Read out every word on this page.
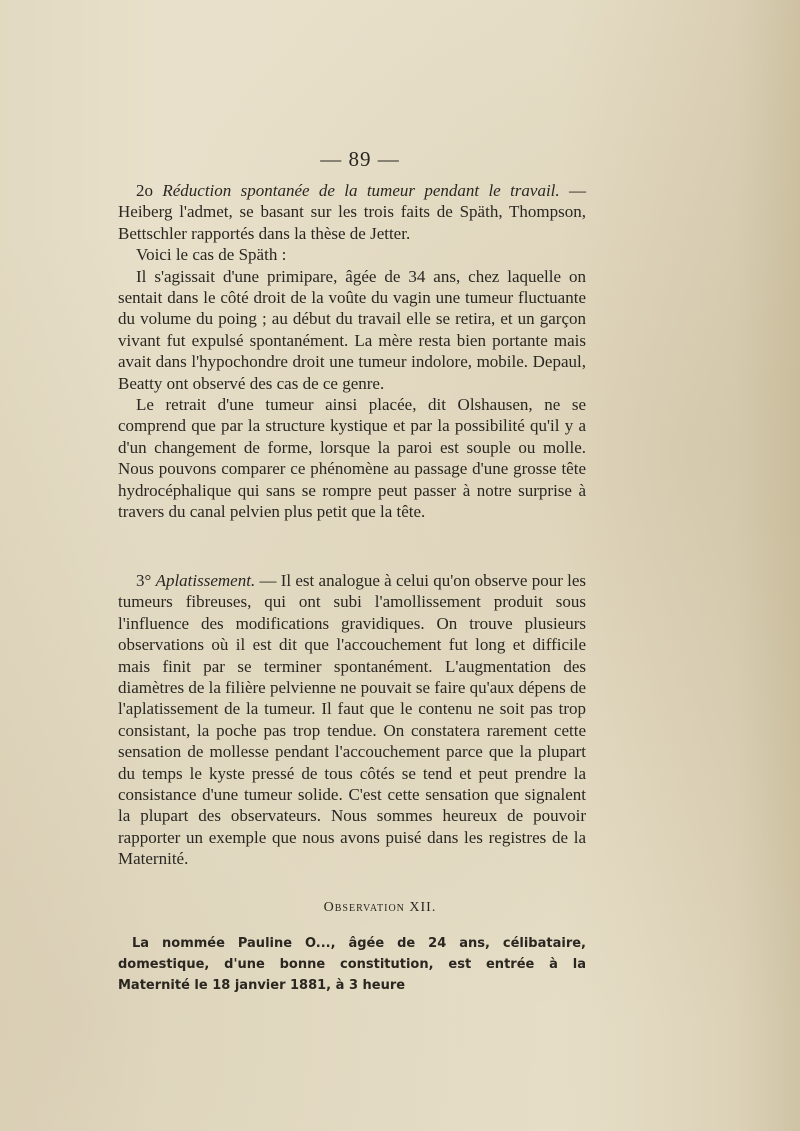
— 89 —

2o Réduction spontanée de la tumeur pendant le travail. — Heiberg l'admet, se basant sur les trois faits de Späth, Thompson, Bettschler rapportés dans la thèse de Jetter.

Voici le cas de Späth :

Il s'agissait d'une primipare, âgée de 34 ans, chez laquelle on sentait dans le côté droit de la voûte du vagin une tumeur fluctuante du volume du poing ; au début du travail elle se retira, et un garçon vivant fut expulsé spontanément. La mère resta bien portante mais avait dans l'hypochondre droit une tumeur indolore, mobile. Depaul, Beatty ont observé des cas de ce genre.

Le retrait d'une tumeur ainsi placée, dit Olshausen, ne se comprend que par la structure kystique et par la possibilité qu'il y a d'un changement de forme, lorsque la paroi est souple ou molle. Nous pouvons comparer ce phénomène au passage d'une grosse tête hydrocéphalique qui sans se rompre peut passer à notre surprise à travers du canal pelvien plus petit que la tête.

3° Aplatissement. — Il est analogue à celui qu'on observe pour les tumeurs fibreuses, qui ont subi l'amollissement produit sous l'influence des modifications gravidiques. On trouve plusieurs observations où il est dit que l'accouchement fut long et difficile mais finit par se terminer spontanément. L'augmentation des diamètres de la filière pelvienne ne pouvait se faire qu'aux dépens de l'aplatissement de la tumeur. Il faut que le contenu ne soit pas trop consistant, la poche pas trop tendue. On constatera rarement cette sensation de mollesse pendant l'accouchement parce que la plupart du temps le kyste pressé de tous côtés se tend et peut prendre la consistance d'une tumeur solide. C'est cette sensation que signalent la plupart des observateurs. Nous sommes heureux de pouvoir rapporter un exemple que nous avons puisé dans les registres de la Maternité.

Observation XII.

La nommée Pauline O..., âgée de 24 ans, célibataire, domestique, d'une bonne constitution, est entrée à la Maternité le 18 janvier 1881, à 3 heure
